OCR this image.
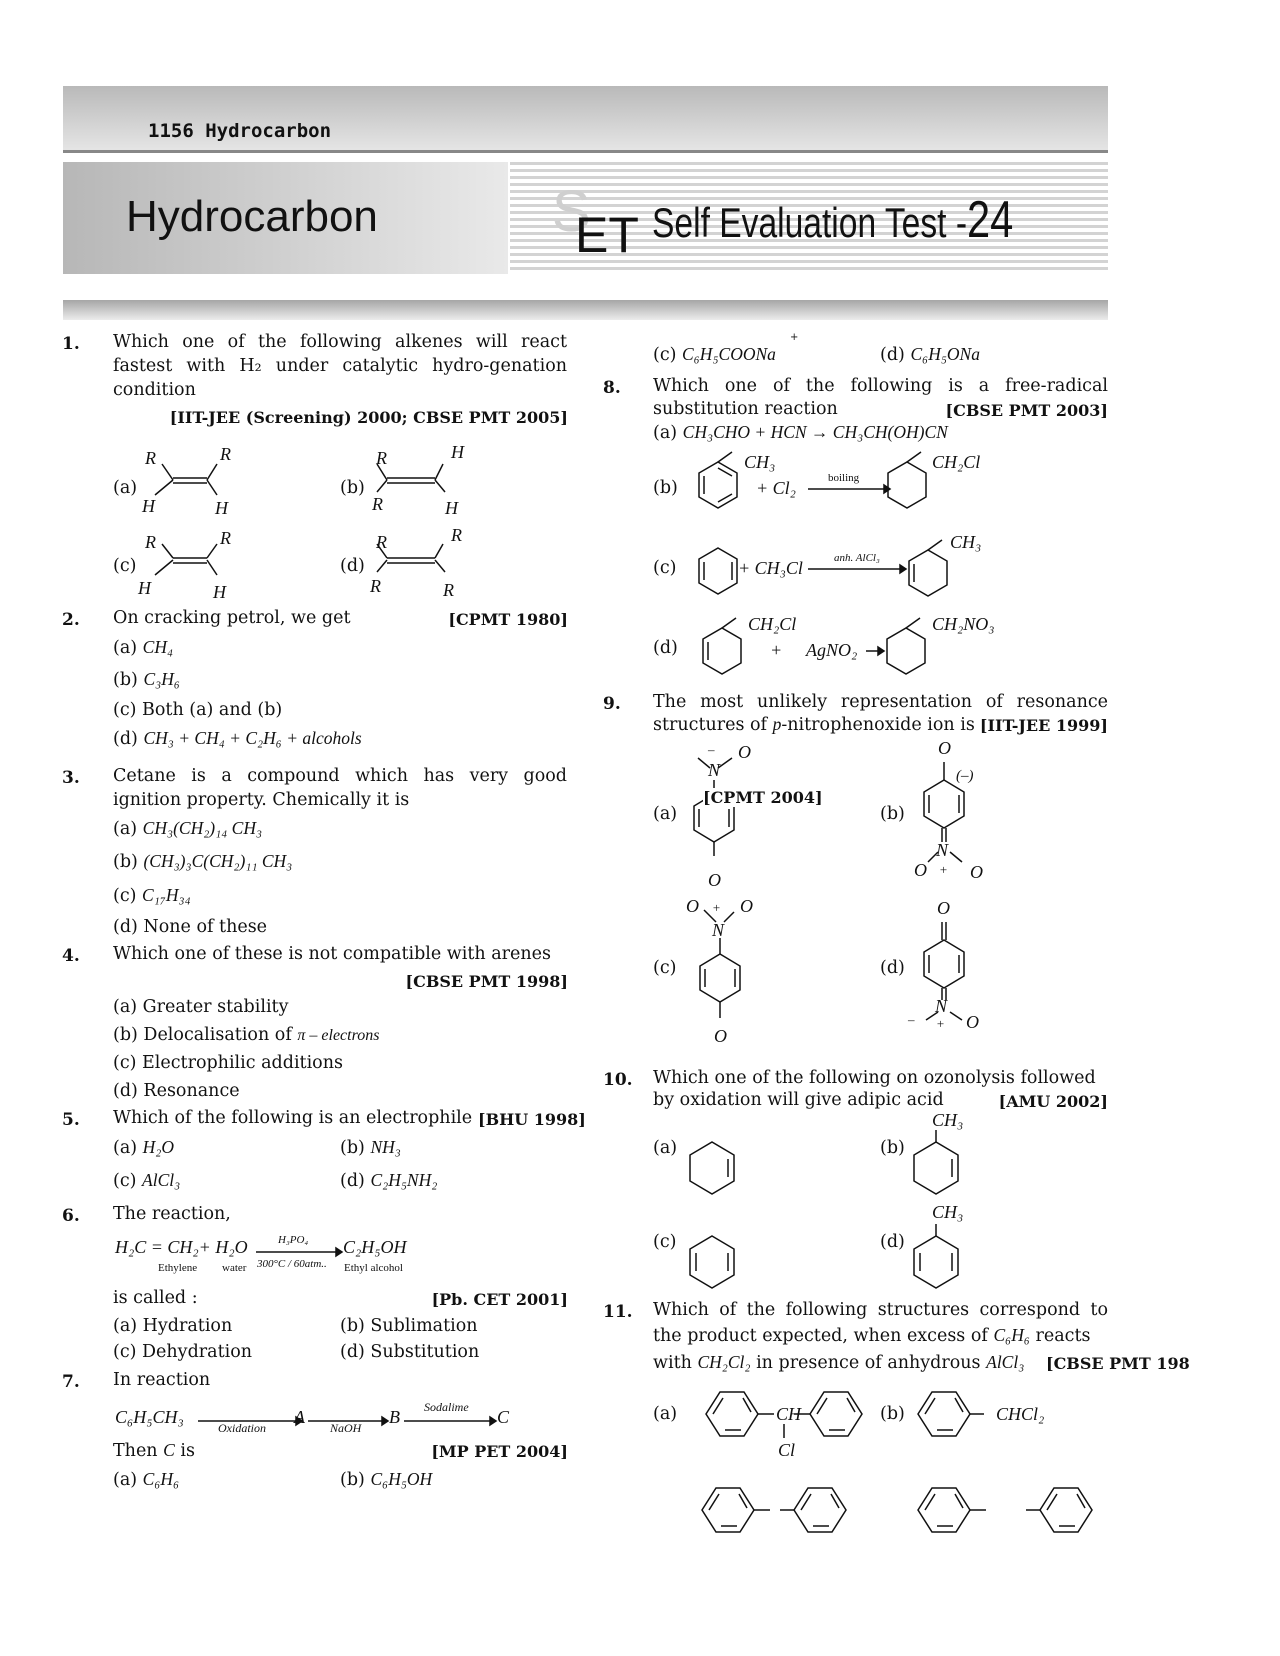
1156 Hydrocarbon
Hydrocarbon	S
ET Self Evaluation Test -24
1. Which one of the following alkenes will react
fastest with H₂ under catalytic hydro-genation
condition
[IIT-JEE (Screening) 2000; CBSE PMT 2005]
(a)	(b)
(c)	(d)
R	R
H	H
R	H
R	H
R	R
H	H
R	R
R	R
2. On cracking petrol, we get	[CPMT 1980]
(a) CH₄
(b) C₃H₆
(c) Both (a) and (b)
(d) CH₃ + CH₄ + C₂H₆ + alcohols
3. Cetane is a compound which has very good
ignition property. Chemically it is
(a) CH₃(CH₂)₁₄ CH₃
(b) (CH₃)₃C(CH₂)₁₁ CH₃
(c) C₁₇H₃₄
(d) None of these
4. Which one of these is not compatible with arenes
[CBSE PMT 1998]
(a) Greater stability
(b) Delocalisation of π – electrons
(c) Electrophilic additions
(d) Resonance
5. Which of the following is an electrophile [BHU 1998]
(a) H₂O	(b) NH₃
(c) AlCl₃	(d) C₂H₅NH₂
6. The reaction,
H₂C = CH₂+ H₂O	H₃PO₄
300°C / 60atm..
C₂H₅OH
Ethylene water	Ethyl alcohol
is called :	[Pb. CET 2001]
(a) Hydration	(b) Sublimation
(c) Dehydration	(d) Substitution
7. In reaction
C₆H₅CH₃
Oxidation
A
NaOH
B Sodalime C
Then C is	[MP PET 2004]
(a) C₆H₆	(b) C₆H₅OH
(c) C₆H₅COONa
+
(d) C₆H₅ONa
8. Which one of the following is a free-radical
substitution reaction	[CBSE PMT 2003]
(a) CH₃CHO + HCN → CH₃CH(OH)CN
(b)
CH₃
+ Cl₂	boiling
CH₂Cl
(c)	+ CH₃Cl	anh. AlCl₃
CH₃
(d)
CH₂Cl
+ AgNO₂ →
CH₂NO₃
9. The most unlikely representation of resonance
structures of p-nitrophenoxide ion is [IIT-JEE 1999]
(a)
N
O
–
O
[CPMT 2004]
(b)
O
(–)
N
O + O
(c)
O + O
N
O
(d)
O
N
– + O
10. Which one of the following on ozonolysis followed
by oxidation will give adipic acid	[AMU 2002]
(a)	(b)
CH₃
(c)	(d)
CH₃
11. Which of the following structures correspond to
the product expected, when excess of C₆H₆ reacts
with CH₂Cl₂ in presence of anhydrous AlCl₃ [CBSE PMT 198
(a)	CH
Cl
(b)	CHCl₂
